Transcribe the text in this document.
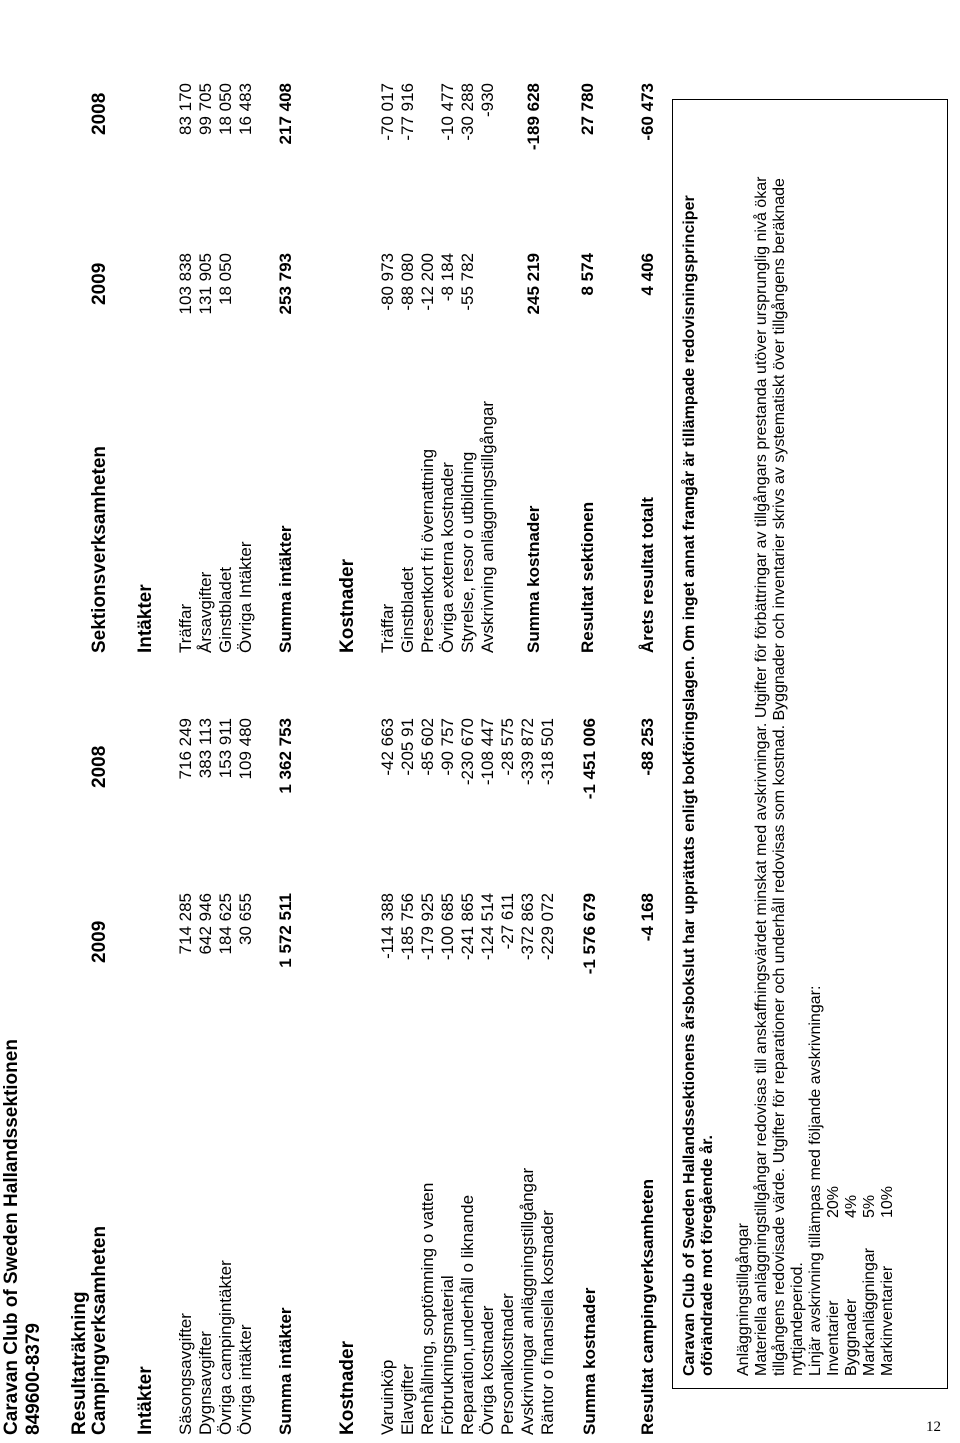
12
Caravan Club of Sweden Hallandssektionen 849600-8379 Resultaträkning Campingverksamheten
2009
2008
Sektionsverksamheten
2009
2008
Intäkter Säsongsavgifter
714 285
716 249
Dygnsavgifter
642 946
383 113
Övriga campingintäkter
184 625
153 911
Övriga intäkter
30 655
109 480
Summa intäkter
1 572 511
1 362 753
Kostnader Varuinköp
-114 388
-42 663
Elavgifter
-185 756
-205 91
Renhållning, soptömning o vatten
-179 925
-85 602
Förbrukningsmaterial
-100 685
-90 757
Reparation,underhåll o liknande
-241 865
-230 670
Övriga kostnader
-124 514
-108 447
Personalkostnader
-27 611
-28 575
Avskrivningar anläggningstillgångar
-372 863
-339 872
Räntor o finansiella kostnader
-229 072
-318 501
Summa kostnader
-1 576 679
-1 451 006
Resultat campingverksamheten
-4 168
-88 253
Intäkter Träffar
103 838
83 170
Årsavgifter
131 905
99 705
Ginstbladet
18 050
18 050
Övriga Intäkter
16 483
Summa intäkter
253 793
217 408
Kostnader Träffar
-80 973
-70 017
Ginstbladet
-88 080
-77 916
Presentkort fri övernattning
-12 200
Övriga externa kostnader
-8 184
-10 477
Styrelse, resor o utbildning
-55 782
-30 288
Avskrivning anläggningstillgångar
-930
Summa kostnader
245 219
-189 628
Resultat sektionen
8 574
27 780
Årets resultat totalt
4 406
-60 473
Caravan Club of Sweden Hallandssektionens årsbokslut har upprättats enligt bokföringslagen. Om inget annat framgår är tillämpade redovisningsprinciper oförändrade mot föregående år. Anläggningstillgångar Materiella anläggningstillgångar redovisas till anskaffningsvärdet minskat med avskrivningar. Utgifter för förbättringar av tillgångars prestanda utöver ursprunglig nivå ökar tillgångens redovisade värde. Utgifter för reparationer och underhåll redovisas som kostnad. Byggnader och inventarier skrivs av systematiskt över tillgångens beräknade nyttjandeperiod. Linjär avskrivning tillämpas med följande avskrivningar: Inventarier
20%
Byggnader
4%
Markanläggningar
5%
Markinventarier
10%
